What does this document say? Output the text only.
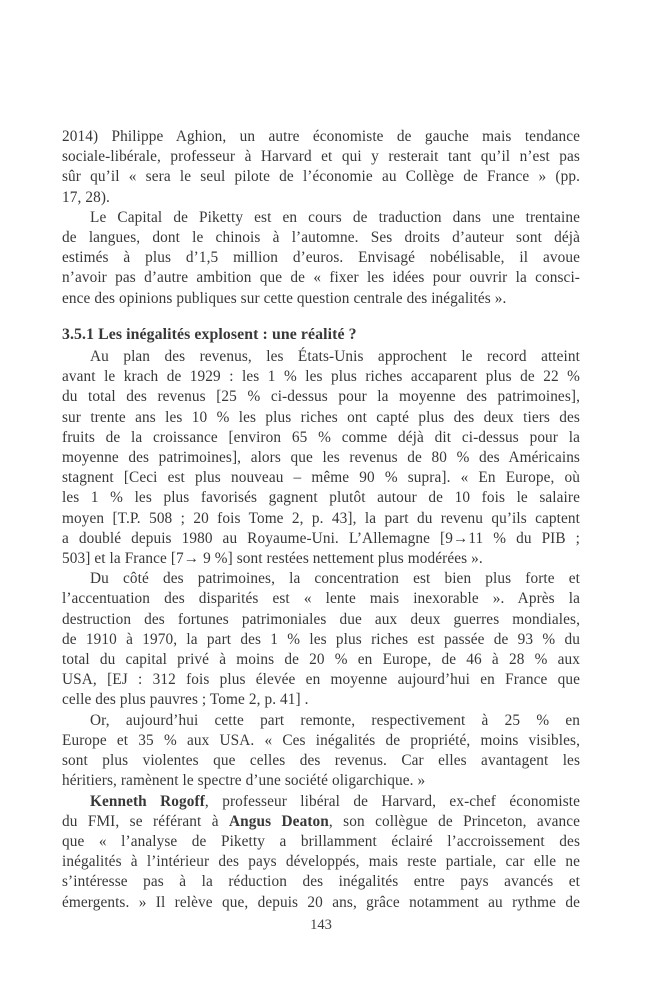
2014) Philippe Aghion, un autre économiste de gauche mais tendance
sociale-libérale, professeur à Harvard et qui y resterait tant qu’il n’est pas
sûr qu’il « sera le seul pilote de l’économie au Collège de France » (pp.
17, 28).
Le Capital de Piketty est en cours de traduction dans une trentaine
de langues, dont le chinois à l’automne. Ses droits d’auteur sont déjà
estimés à plus d’1,5 million d’euros. Envisagé nobélisable, il avoue
n’avoir pas d’autre ambition que de « fixer les idées pour ouvrir la consci-
ence des opinions publiques sur cette question centrale des inégalités ».
3.5.1 Les inégalités explosent : une réalité ?
Au plan des revenus, les États-Unis approchent le record atteint
avant le krach de 1929 : les 1 % les plus riches accaparent plus de 22 %
du total des revenus [25 % ci-dessus pour la moyenne des patrimoines],
sur trente ans les 10 % les plus riches ont capté plus des deux tiers des
fruits de la croissance [environ 65 % comme déjà dit ci-dessus pour la
moyenne des patrimoines], alors que les revenus de 80 % des Américains
stagnent [Ceci est plus nouveau – même 90 % supra]. « En Europe, où
les 1 % les plus favorisés gagnent plutôt autour de 10 fois le salaire
moyen [T.P. 508 ; 20 fois Tome 2, p. 43], la part du revenu qu’ils captent
a doublé depuis 1980 au Royaume-Uni. L’Allemagne [9→11 % du PIB ;
503] et la France [7→ 9 %] sont restées nettement plus modérées ».
Du côté des patrimoines, la concentration est bien plus forte et
l’accentuation des disparités est « lente mais inexorable ». Après la
destruction des fortunes patrimoniales due aux deux guerres mondiales,
de 1910 à 1970, la part des 1 % les plus riches est passée de 93 % du
total du capital privé à moins de 20 % en Europe, de 46 à 28 % aux
USA, [EJ : 312 fois plus élevée en moyenne aujourd’hui en France que
celle des plus pauvres ; Tome 2, p. 41] .
Or, aujourd’hui cette part remonte, respectivement à 25 % en
Europe et 35 % aux USA. « Ces inégalités de propriété, moins visibles,
sont plus violentes que celles des revenus. Car elles avantagent les
héritiers, ramènent le spectre d’une société oligarchique. »
Kenneth Rogoff, professeur libéral de Harvard, ex-chef économiste
du FMI, se référant à Angus Deaton, son collègue de Princeton, avance
que « l’analyse de Piketty a brillamment éclairé l’accroissement des
inégalités à l’intérieur des pays développés, mais reste partiale, car elle ne
s’intéresse pas à la réduction des inégalités entre pays avancés et
émergents. » Il relève que, depuis 20 ans, grâce notamment au rythme de
143
